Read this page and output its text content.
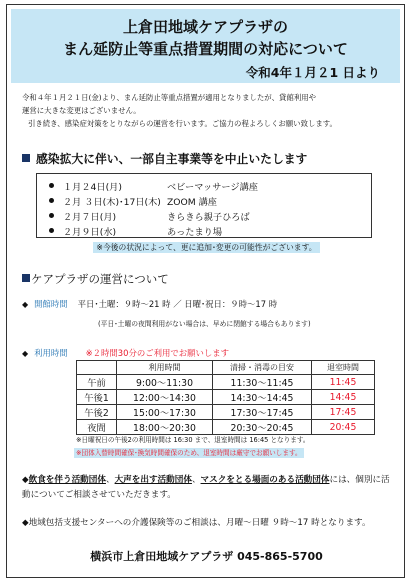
上倉田地域ケアプラザの
まん延防止等重点措置期間の対応について
令和4年１月２1 日より

令和４年１月２１日(金)より、まん延防止等重点措置が適用となりましたが、貸館利用や

運営に大きな変更はございません。

引き続き、感染症対策をとりながらの運営を行います。ご協力の程よろしくお願い致します。

感染拡大に伴い、一部自主事業等を中止いたします
１月２4日(月)	ベビーマッサージ講座
２月 ３日(木)･17日(木) ZOOM 講座
２月７日(月)	きらきら親子ひろば
２月９日(水)	あったまり場
※今後の状況によって、更に追加･変更の可能性がございます。
ケアプラザの運営について
◆ 開館時間 平日･土曜：９時～21 時 ／ 日曜･祝日：９時～17 時
(平日･土曜の夜間利用がない場合は、早めに閉館する場合もあります)
◆ 利用時間 ※２時間30分のご利用でお願いします
	利用時間	清掃・消毒の目安	退室時間
午前	9:00～11:30	11:30～11:45	11:45
午後1	12:00～14:30	14:30～14:45	14:45
午後2	15:00～17:30	17:30～17:45	17:45
夜間	18:00～20:30	20:30～20:45	20:45
※日曜祝日の午後2の利用時間は 16:30 まで、退室時間は 16:45 となります。
※団体入替時間確保･換気時間確保のため、退室時間は厳守でお願いします。
◆飲食を伴う活動団体、大声を出す活動団体、マスクをとる場面のある活動団体には、個別に活動についてご相談させていただきます。
◆地域包括支援センターへの介護保険等のご相談は、月曜～日曜 ９時～17 時となります。
横浜市上倉田地域ケアプラザ 045-865-5700
